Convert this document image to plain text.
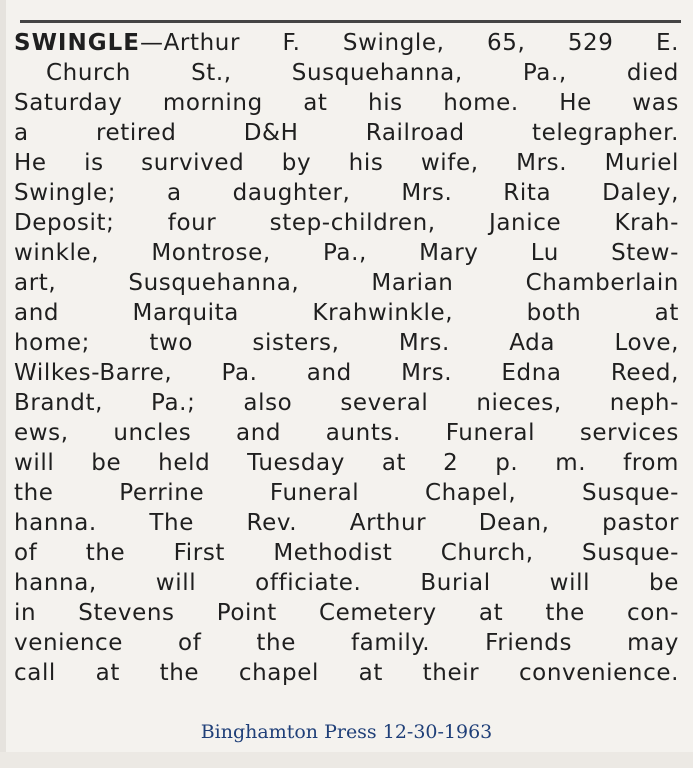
SWINGLE—Arthur F. Swingle, 65, 529 E.
Church St., Susquehanna, Pa., died
Saturday morning at his home. He was
a retired D&H Railroad telegrapher.
He is survived by his wife, Mrs. Muriel
Swingle; a daughter, Mrs. Rita Daley,
Deposit; four step-children, Janice Krah-
winkle, Montrose, Pa., Mary Lu Stew-
art, Susquehanna, Marian Chamberlain
and Marquita Krahwinkle, both at
home; two sisters, Mrs. Ada Love,
Wilkes-Barre, Pa. and Mrs. Edna Reed,
Brandt, Pa.; also several nieces, neph-
ews, uncles and aunts. Funeral services
will be held Tuesday at 2 p. m. from
the Perrine Funeral Chapel, Susque-
hanna. The Rev. Arthur Dean, pastor
of the First Methodist Church, Susque-
hanna, will officiate. Burial will be
in Stevens Point Cemetery at the con-
venience of the family. Friends may
call at the chapel at their convenience.
Binghamton Press 12-30-1963
